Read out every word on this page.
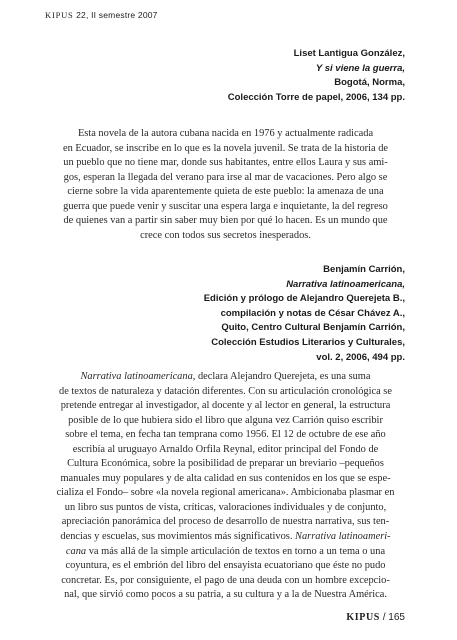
KIPUS 22, II semestre 2007
Liset Lantigua González,
Y si viene la guerra,
Bogotá, Norma,
Colección Torre de papel, 2006, 134 pp.
Esta novela de la autora cubana nacida en 1976 y actualmente radicada
en Ecuador, se inscribe en lo que es la novela juvenil. Se trata de la historia de
un pueblo que no tiene mar, donde sus habitantes, entre ellos Laura y sus ami-
gos, esperan la llegada del verano para irse al mar de vacaciones. Pero algo se
cierne sobre la vida aparentemente quieta de este pueblo: la amenaza de una
guerra que puede venir y suscitar una espera larga e inquietante, la del regreso
de quienes van a partir sin saber muy bien por qué lo hacen. Es un mundo que
crece con todos sus secretos inesperados.
Benjamín Carrión,
Narrativa latinoamericana,
Edición y prólogo de Alejandro Querejeta B.,
compilación y notas de César Chávez A.,
Quito, Centro Cultural Benjamín Carrión,
Colección Estudios Literarios y Culturales,
vol. 2, 2006, 494 pp.
Narrativa latinoamericana, declara Alejandro Querejeta, es una suma
de textos de naturaleza y datación diferentes. Con su articulación cronológica se
pretende entregar al investigador, al docente y al lector en general, la estructura
posible de lo que hubiera sido el libro que alguna vez Carrión quiso escribir
sobre el tema, en fecha tan temprana como 1956. El 12 de octubre de ese año
escribía al uruguayo Arnaldo Orfila Reynal, editor principal del Fondo de
Cultura Económica, sobre la posibilidad de preparar un breviario –pequeños
manuales muy populares y de alta calidad en sus contenidos en los que se espe-
cializa el Fondo– sobre «la novela regional americana». Ambicionaba plasmar en
un libro sus puntos de vista, críticas, valoraciones individuales y de conjunto,
apreciación panorámica del proceso de desarrollo de nuestra narrativa, sus ten-
dencias y escuelas, sus movimientos más significativos. Narrativa latinoameri-
cana va más allá de la simple articulación de textos en torno a un tema o una
coyuntura, es el embrión del libro del ensayista ecuatoriano que éste no pudo
concretar. Es, por consiguiente, el pago de una deuda con un hombre excepcio-
nal, que sirvió como pocos a su patria, a su cultura y a la de Nuestra América.
KIPUS / 165
